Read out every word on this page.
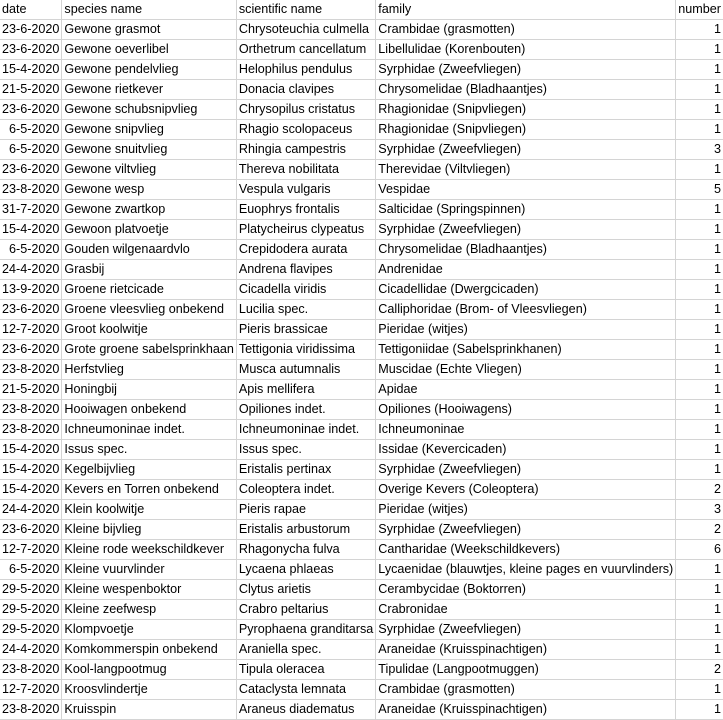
date	species name	scientific name	family	number
23-6-2020	Gewone grasmot	Chrysoteuchia culmella	Crambidae (grasmotten)	1
23-6-2020	Gewone oeverlibel	Orthetrum cancellatum	Libellulidae (Korenbouten)	1
15-4-2020	Gewone pendelvlieg	Helophilus pendulus	Syrphidae (Zweefvliegen)	1
21-5-2020	Gewone rietkever	Donacia clavipes	Chrysomelidae (Bladhaantjes)	1
23-6-2020	Gewone schubsnipvlieg	Chrysopilus cristatus	Rhagionidae (Snipvliegen)	1
6-5-2020	Gewone snipvlieg	Rhagio scolopaceus	Rhagionidae (Snipvliegen)	1
6-5-2020	Gewone snuitvlieg	Rhingia campestris	Syrphidae (Zweefvliegen)	3
23-6-2020	Gewone viltvlieg	Thereva nobilitata	Therevidae (Viltvliegen)	1
23-8-2020	Gewone wesp	Vespula vulgaris	Vespidae	5
31-7-2020	Gewone zwartkop	Euophrys frontalis	Salticidae (Springspinnen)	1
15-4-2020	Gewoon platvoetje	Platycheirus clypeatus	Syrphidae (Zweefvliegen)	1
6-5-2020	Gouden wilgenaardvlo	Crepidodera aurata	Chrysomelidae (Bladhaantjes)	1
24-4-2020	Grasbij	Andrena flavipes	Andrenidae	1
13-9-2020	Groene rietcicade	Cicadella viridis	Cicadellidae (Dwergcicaden)	1
23-6-2020	Groene vleesvlieg onbekend	Lucilia spec.	Calliphoridae (Brom- of Vleesvliegen)	1
12-7-2020	Groot koolwitje	Pieris brassicae	Pieridae (witjes)	1
23-6-2020	Grote groene sabelsprinkhaan	Tettigonia viridissima	Tettigoniidae (Sabelsprinkhanen)	1
23-8-2020	Herfstvlieg	Musca autumnalis	Muscidae (Echte Vliegen)	1
21-5-2020	Honingbij	Apis mellifera	Apidae	1
23-8-2020	Hooiwagen onbekend	Opiliones indet.	Opiliones (Hooiwagens)	1
23-8-2020	Ichneumoninae indet.	Ichneumoninae indet.	Ichneumoninae	1
15-4-2020	Issus spec.	Issus spec.	Issidae (Kevercicaden)	1
15-4-2020	Kegelbijvlieg	Eristalis pertinax	Syrphidae (Zweefvliegen)	1
15-4-2020	Kevers en Torren onbekend	Coleoptera indet.	Overige Kevers (Coleoptera)	2
24-4-2020	Klein koolwitje	Pieris rapae	Pieridae (witjes)	3
23-6-2020	Kleine bijvlieg	Eristalis arbustorum	Syrphidae (Zweefvliegen)	2
12-7-2020	Kleine rode weekschildkever	Rhagonycha fulva	Cantharidae (Weekschildkevers)	6
6-5-2020	Kleine vuurvlinder	Lycaena phlaeas	Lycaenidae (blauwtjes, kleine pages en vuurvlinders)	1
29-5-2020	Kleine wespenboktor	Clytus arietis	Cerambycidae (Boktorren)	1
29-5-2020	Kleine zeefwesp	Crabro peltarius	Crabronidae	1
29-5-2020	Klompvoetje	Pyrophaena granditarsa	Syrphidae (Zweefvliegen)	1
24-4-2020	Komkommerspin onbekend	Araniella spec.	Araneidae (Kruisspinachtigen)	1
23-8-2020	Kool-langpootmug	Tipula oleracea	Tipulidae (Langpootmuggen)	2
12-7-2020	Kroosvlindertje	Cataclysta lemnata	Crambidae (grasmotten)	1
23-8-2020	Kruisspin	Araneus diadematus	Araneidae (Kruisspinachtigen)	1
